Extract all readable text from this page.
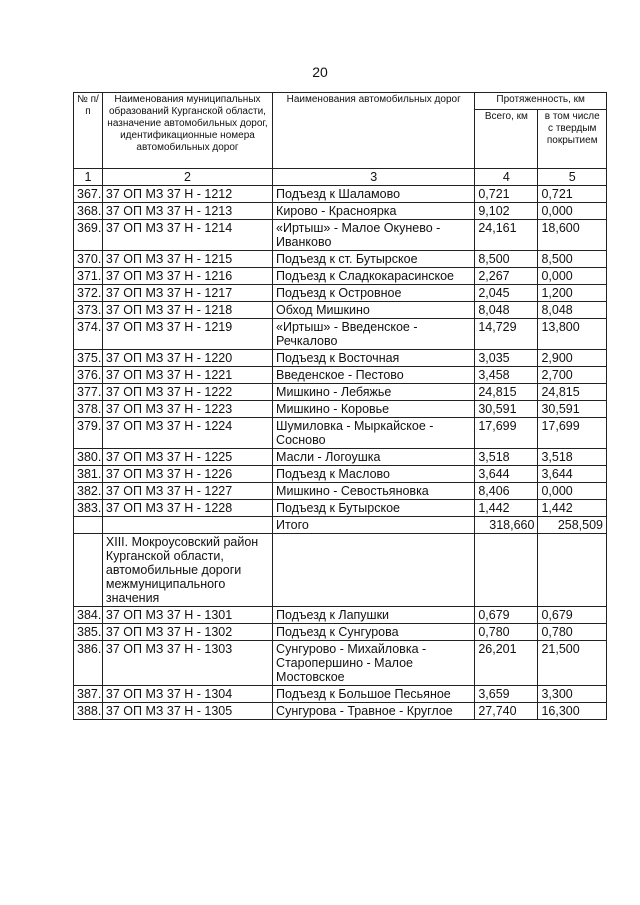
20
№ п/п	Наименования муниципальных образований Курганской области, назначение автомобильных дорог, идентификационные номера автомобильных дорог	Наименования автомобильных дорог	Протяженность, км	
			Всего, км	в том числе с твердым покрытием
1	2	3	4	5
367.	37 ОП МЗ 37 Н - 1212	Подъезд к Шаламово	0,721	0,721
368.	37 ОП МЗ 37 Н - 1213	Кирово - Красноярка	9,102	0,000
369.	37 ОП МЗ 37 Н - 1214	«Иртыш» - Малое Окунево - Иванково	24,161	18,600
370.	37 ОП МЗ 37 Н - 1215	Подъезд к ст. Бутырское	8,500	8,500
371.	37 ОП МЗ 37 Н - 1216	Подъезд к Сладкокарасинское	2,267	0,000
372.	37 ОП МЗ 37 Н - 1217	Подъезд к Островное	2,045	1,200
373.	37 ОП МЗ 37 Н - 1218	Обход Мишкино	8,048	8,048
374.	37 ОП МЗ 37 Н - 1219	«Иртыш» - Введенское - Речкалово	14,729	13,800
375.	37 ОП МЗ 37 Н - 1220	Подъезд к Восточная	3,035	2,900
376.	37 ОП МЗ 37 Н - 1221	Введенское - Пестово	3,458	2,700
377.	37 ОП МЗ 37 Н - 1222	Мишкино - Лебяжье	24,815	24,815
378.	37 ОП МЗ 37 Н - 1223	Мишкино - Коровье	30,591	30,591
379.	37 ОП МЗ 37 Н - 1224	Шумиловка - Мыркайское - Сосново	17,699	17,699
380.	37 ОП МЗ 37 Н - 1225	Масли - Логоушка	3,518	3,518
381.	37 ОП МЗ 37 Н - 1226	Подъезд к Маслово	3,644	3,644
382.	37 ОП МЗ 37 Н - 1227	Мишкино - Севостьяновка	8,406	0,000
383.	37 ОП МЗ 37 Н - 1228	Подъезд к Бутырское	1,442	1,442
		Итого	318,660	258,509
	XIII. Мокроусовский район Курганской области, автомобильные дороги межмуниципального значения			
384.	37 ОП МЗ 37 Н - 1301	Подъезд к Лапушки	0,679	0,679
385.	37 ОП МЗ 37 Н - 1302	Подъезд к Сунгурова	0,780	0,780
386.	37 ОП МЗ 37 Н - 1303	Сунгурово - Михайловка - Старопершино - Малое Мостовское	26,201	21,500
387.	37 ОП МЗ 37 Н - 1304	Подъезд к Большое Песьяное	3,659	3,300
388.	37 ОП МЗ 37 Н - 1305	Сунгурова - Травное - Круглое	27,740	16,300
